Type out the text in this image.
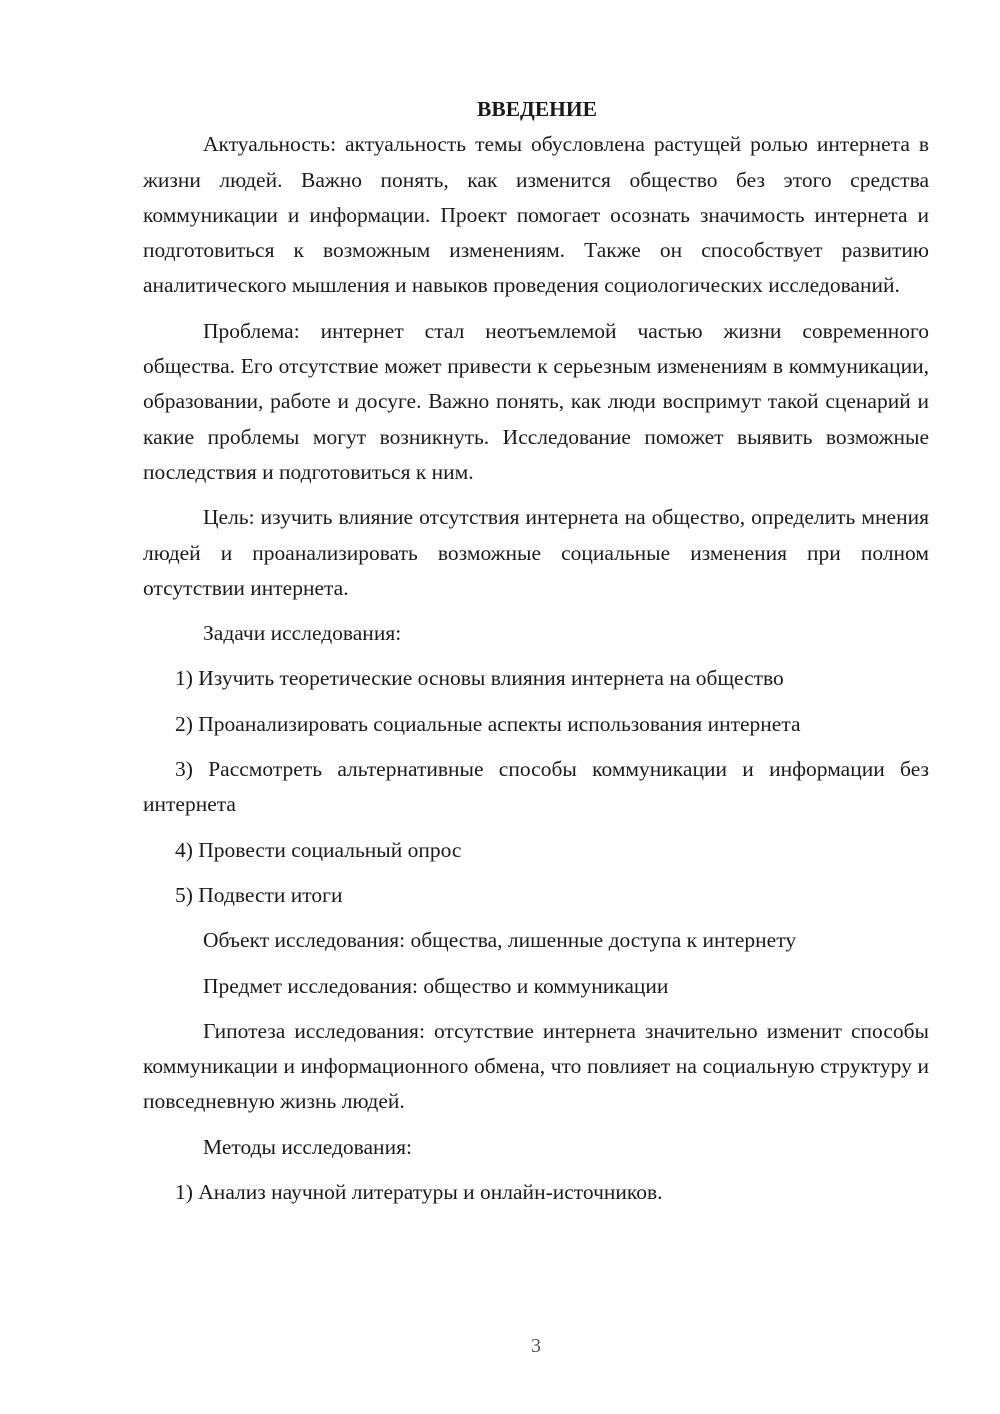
ВВЕДЕНИЕ

Актуальность: актуальность темы обусловлена растущей ролью интернета в жизни людей. Важно понять, как изменится общество без этого средства коммуникации и информации. Проект помогает осознать значимость интернета и подготовиться к возможным изменениям. Также он способствует развитию аналитического мышления и навыков проведения социологических исследований.

Проблема: интернет стал неотъемлемой частью жизни современного общества. Его отсутствие может привести к серьезным изменениям в коммуникации, образовании, работе и досуге. Важно понять, как люди воспримут такой сценарий и какие проблемы могут возникнуть. Исследование поможет выявить возможные последствия и подготовиться к ним.

Цель: изучить влияние отсутствия интернета на общество, определить мнения людей и проанализировать возможные социальные изменения при полном отсутствии интернета.

Задачи исследования:

1) Изучить теоретические основы влияния интернета на общество

2) Проанализировать социальные аспекты использования интернета

3) Рассмотреть альтернативные способы коммуникации и информации без интернета

4) Провести социальный опрос

5) Подвести итоги

Объект исследования: общества, лишенные доступа к интернету

Предмет исследования: общество и коммуникации

Гипотеза исследования: отсутствие интернета значительно изменит способы коммуникации и информационного обмена, что повлияет на социальную структуру и повседневную жизнь людей.

Методы исследования:

1) Анализ научной литературы и онлайн-источников.

3
